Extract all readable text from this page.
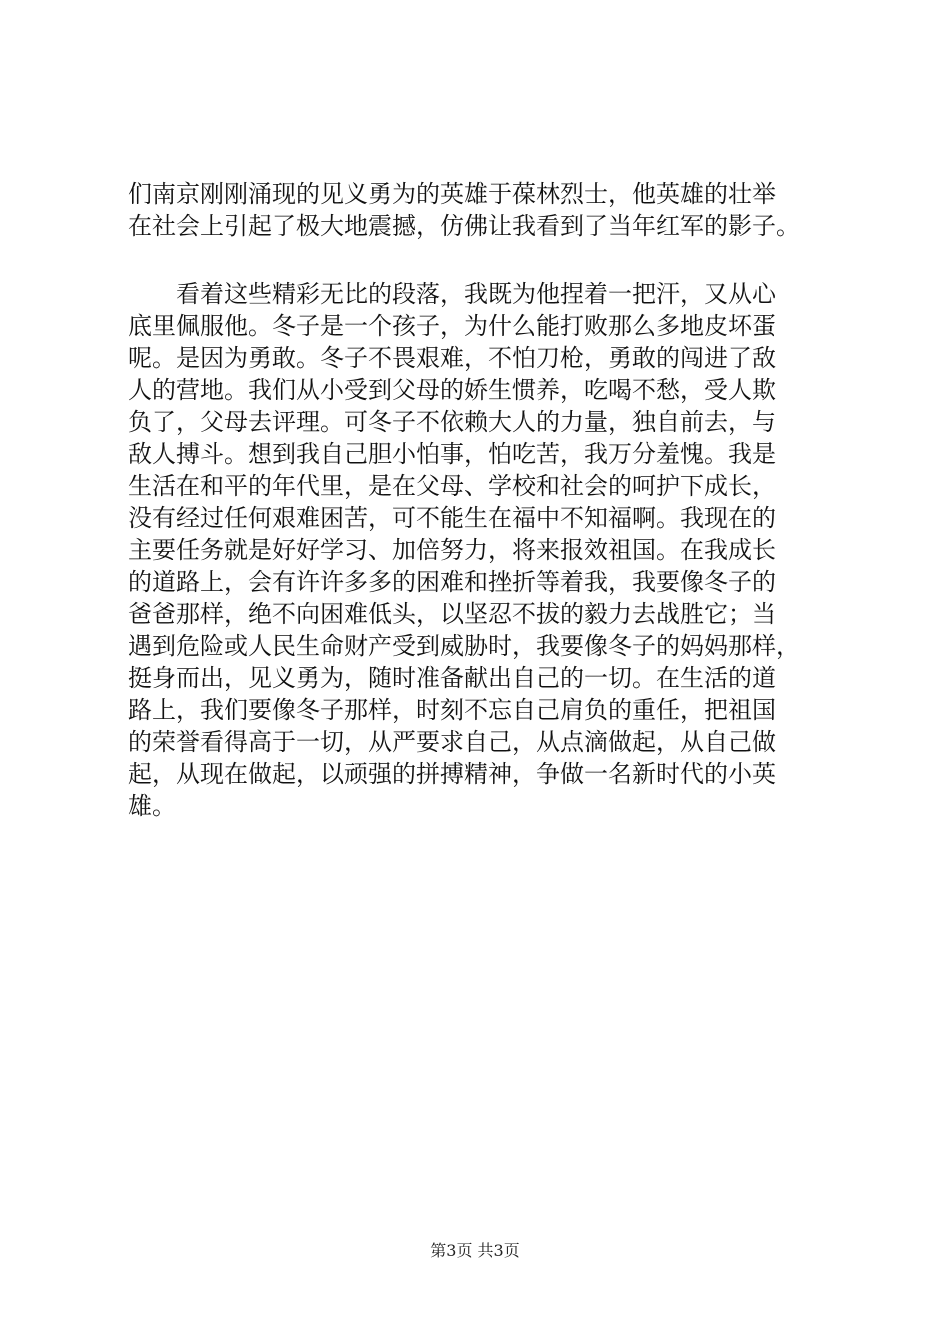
们南京刚刚涌现的见义勇为的英雄于葆林烈士，他英雄的壮举
在社会上引起了极大地震撼，仿佛让我看到了当年红军的影子。
　　看着这些精彩无比的段落，我既为他捏着一把汗，又从心
底里佩服他。冬子是一个孩子，为什么能打败那么多地皮坏蛋
呢。是因为勇敢。冬子不畏艰难，不怕刀枪，勇敢的闯进了敌
人的营地。我们从小受到父母的娇生惯养，吃喝不愁，受人欺
负了，父母去评理。可冬子不依赖大人的力量，独自前去，与
敌人搏斗。想到我自己胆小怕事，怕吃苦，我万分羞愧。我是
生活在和平的年代里，是在父母、学校和社会的呵护下成长，
没有经过任何艰难困苦，可不能生在福中不知福啊。我现在的
主要任务就是好好学习、加倍努力，将来报效祖国。在我成长
的道路上，会有许许多多的困难和挫折等着我，我要像冬子的
爸爸那样，绝不向困难低头，以坚忍不拔的毅力去战胜它；当
遇到危险或人民生命财产受到威胁时，我要像冬子的妈妈那样，
挺身而出，见义勇为，随时准备献出自己的一切。在生活的道
路上，我们要像冬子那样，时刻不忘自己肩负的重任，把祖国
的荣誉看得高于一切，从严要求自己，从点滴做起，从自己做
起，从现在做起，以顽强的拼搏精神，争做一名新时代的小英
雄。
第3页 共3页
